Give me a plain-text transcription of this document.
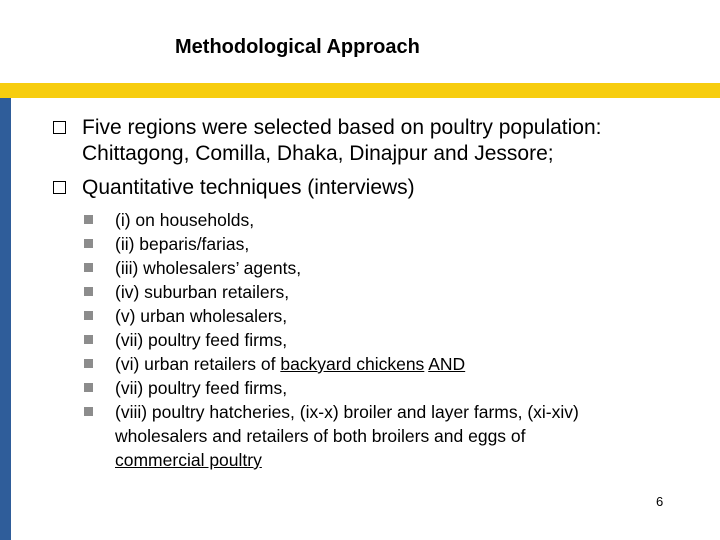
Methodological Approach
Five regions were selected based on poultry population:
Chittagong, Comilla, Dhaka, Dinajpur and Jessore;
Quantitative techniques (interviews)
(i) on households,
(ii) beparis/farias,
(iii) wholesalers’ agents,
(iv) suburban retailers,
(v) urban wholesalers,
(vi) urban retailers of backyard chickens AND
(vii) poultry feed firms,
(vii) poultry feed firms,
(viii) poultry hatcheries, (ix-x) broiler and layer farms, (xi-xiv)
wholesalers and retailers of both broilers and eggs of
commercial poultry
6
